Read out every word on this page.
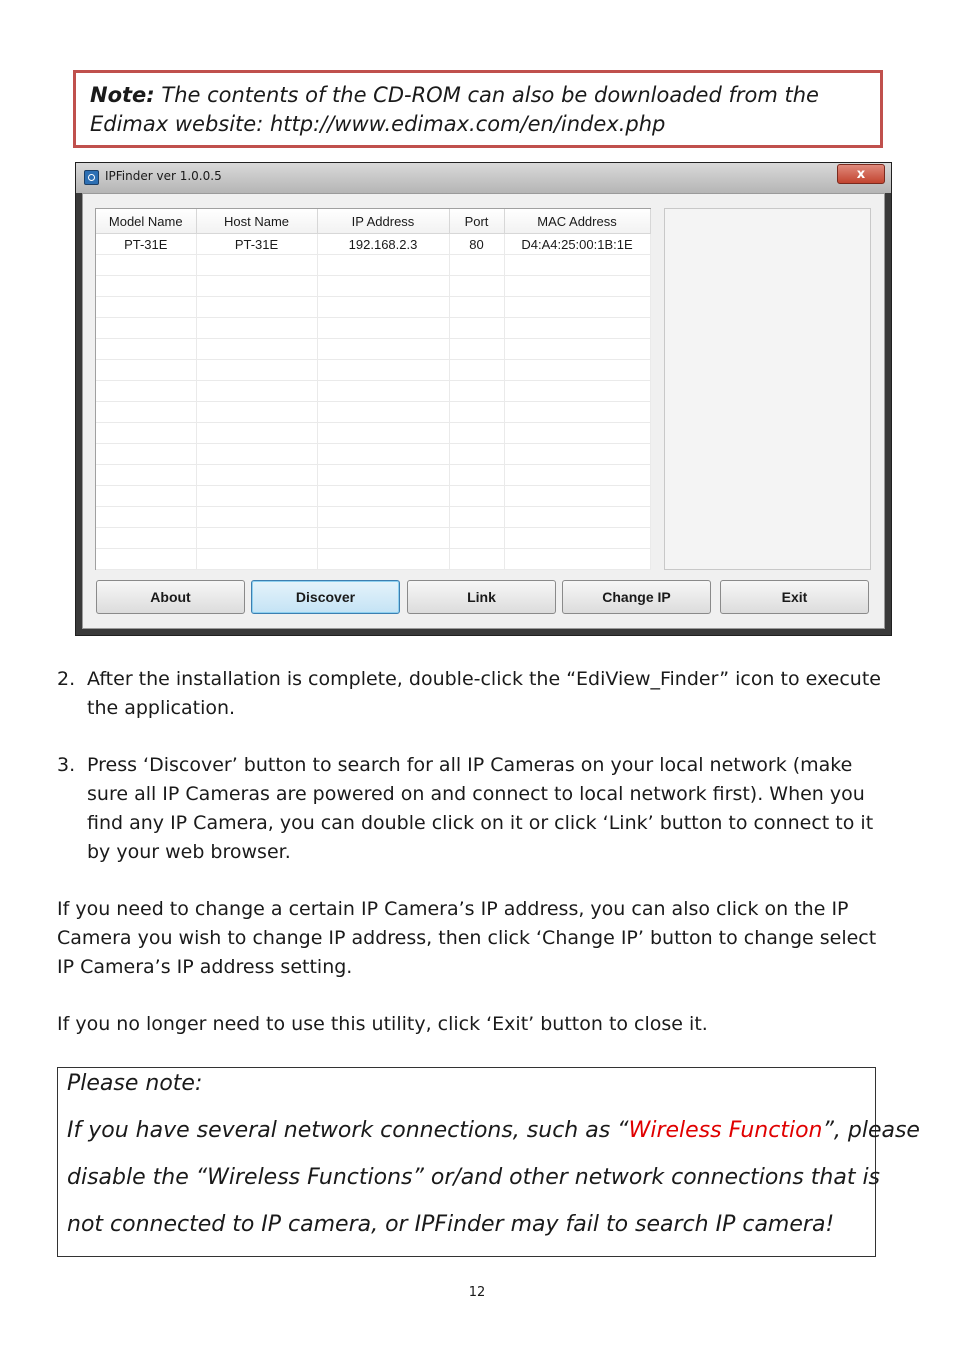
Note: The contents of the CD-ROM can also be downloaded from the
Edimax website: http://www.edimax.com/en/index.php
IPFinder ver 1.0.0.5	x
Model Name	Host Name	IP Address	Port	MAC Address
PT-31E	PT-31E	192.168.2.3	80	D4:A4:25:00:1B:1E

About	Discover	Link	Change IP	Exit
2. After the installation is complete, double-click the “EdiView_Finder” icon to execute the application.
3. Press ‘Discover’ button to search for all IP Cameras on your local network (make sure all IP Cameras are powered on and connect to local network first). When you find any IP Camera, you can double click on it or click ‘Link’ button to connect to it by your web browser.

If you need to change a certain IP Camera’s IP address, you can also click on the IP Camera you wish to change IP address, then click ‘Change IP’ button to change select IP Camera’s IP address setting.

If you no longer need to use this utility, click ‘Exit’ button to close it.

Please note:
If you have several network connections, such as “Wireless Function”, please
disable the “Wireless Functions” or/and other network connections that is
not connected to IP camera, or IPFinder may fail to search IP camera!
12
